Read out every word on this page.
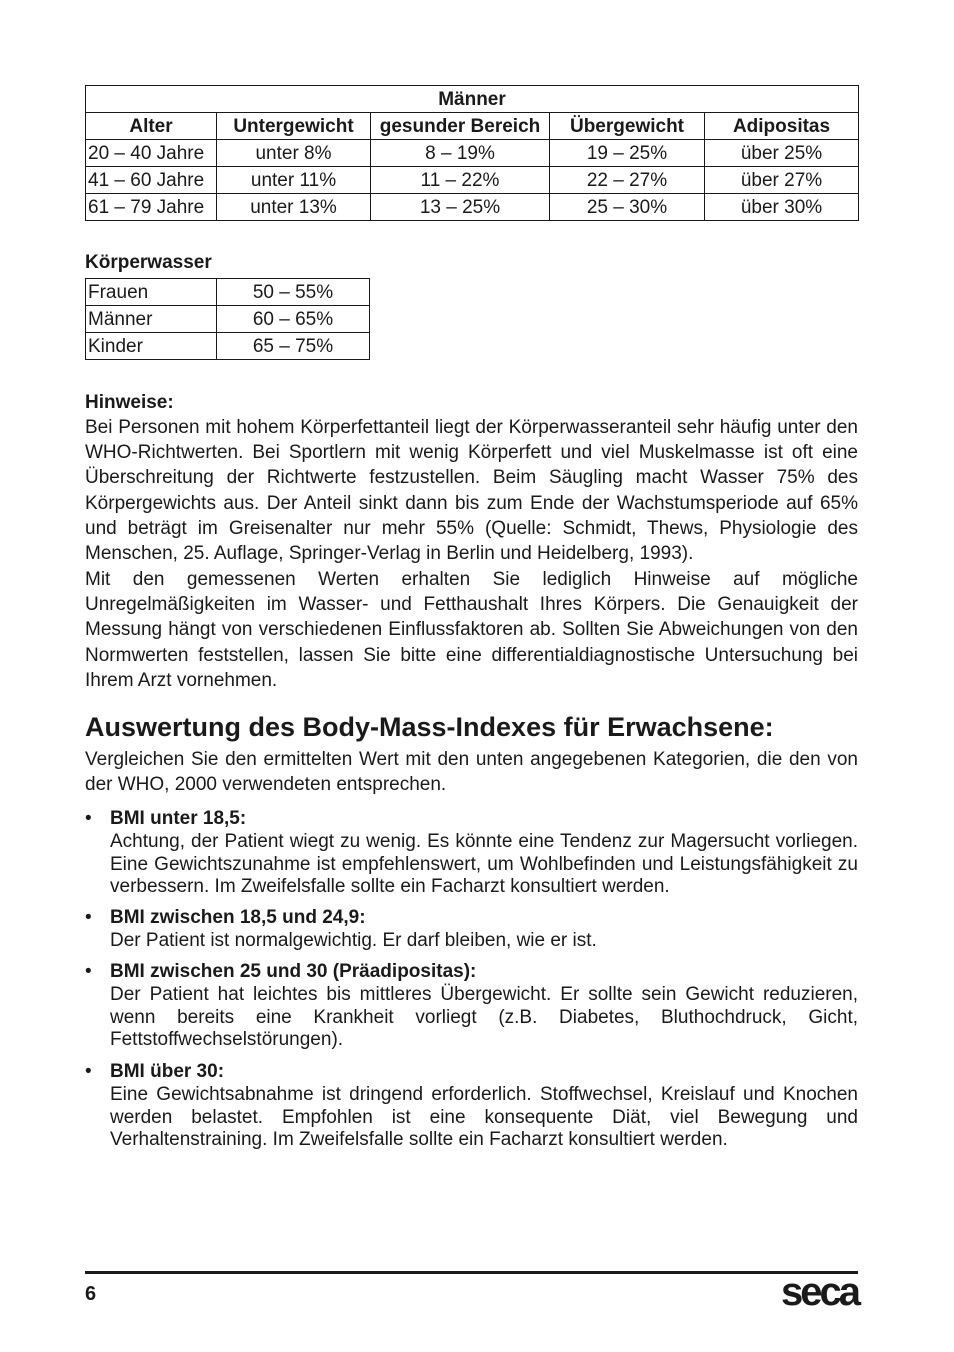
Männer				
Alter	Untergewicht	gesunder Bereich	Übergewicht	Adipositas
20 – 40 Jahre	unter 8%	8 – 19%	19 – 25%	über 25%
41 – 60 Jahre	unter 11%	11 – 22%	22 – 27%	über 27%
61 – 79 Jahre	unter 13%	13 – 25%	25 – 30%	über 30%
Körperwasser
Frauen	50 – 55%
Männer	60 – 65%
Kinder	65 – 75%
Hinweise:

Bei Personen mit hohem Körperfettanteil liegt der Körperwasseranteil sehr häufig unter den WHO-Richtwerten. Bei Sportlern mit wenig Körperfett und viel Muskelmasse ist oft eine Überschreitung der Richtwerte festzustellen. Beim Säugling macht Wasser 75% des Körpergewichts aus. Der Anteil sinkt dann bis zum Ende der Wachstumsperiode auf 65% und beträgt im Greisenalter nur mehr 55% (Quelle: Schmidt, Thews, Physiologie des Menschen, 25. Auflage, Springer-Verlag in Berlin und Heidelberg, 1993).

Mit den gemessenen Werten erhalten Sie lediglich Hinweise auf mögliche Unregelmäßigkeiten im Wasser- und Fetthaushalt Ihres Körpers. Die Genauigkeit der Messung hängt von verschiedenen Einflussfaktoren ab. Sollten Sie Abweichungen von den Normwerten feststellen, lassen Sie bitte eine differentialdiagnostische Untersuchung bei Ihrem Arzt vornehmen.

Auswertung des Body-Mass-Indexes für Erwachsene:

Vergleichen Sie den ermittelten Wert mit den unten angegebenen Kategorien, die den von der WHO, 2000 verwendeten entsprechen.

• BMI unter 18,5:

Achtung, der Patient wiegt zu wenig. Es könnte eine Tendenz zur Magersucht vorliegen. Eine Gewichtszunahme ist empfehlenswert, um Wohlbefinden und Leistungsfähigkeit zu verbessern. Im Zweifelsfalle sollte ein Facharzt konsultiert werden.

• BMI zwischen 18,5 und 24,9:

Der Patient ist normalgewichtig. Er darf bleiben, wie er ist.

• BMI zwischen 25 und 30 (Präadipositas):

Der Patient hat leichtes bis mittleres Übergewicht. Er sollte sein Gewicht reduzieren, wenn bereits eine Krankheit vorliegt (z.B. Diabetes, Bluthochdruck, Gicht, Fettstoffwechselstörungen).

• BMI über 30:

Eine Gewichtsabnahme ist dringend erforderlich. Stoffwechsel, Kreislauf und Knochen werden belastet. Empfohlen ist eine konsequente Diät, viel Bewegung und Verhaltenstraining. Im Zweifelsfalle sollte ein Facharzt konsultiert werden.

6	seca
